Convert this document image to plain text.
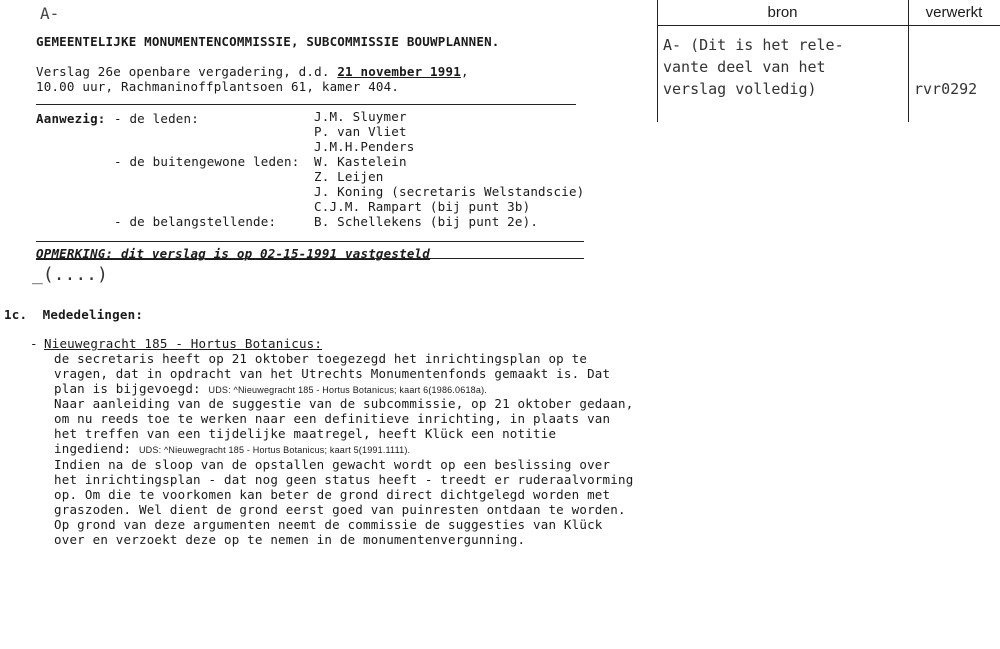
bron	verwerkt
A- (Dit is het rele-
vante deel van het
verslag volledig)	rvr0292
A-
GEMEENTELIJKE MONUMENTENCOMMISSIE, SUBCOMMISSIE BOUWPLANNEN.
Verslag 26e openbare vergadering, d.d. 21 november 1991,
10.00 uur, Rachmaninoffplantsoen 61, kamer 404.
Aanwezig: - de leden:	J.M. Sluymer
P. van Vliet
J.M.H.Penders
- de buitengewone leden: W. Kastelein
Z. Leijen
J. Koning (secretaris Welstandscie)
C.J.M. Rampart (bij punt 3b)
- de belangstellende:	B. Schellekens (bij punt 2e).
OPMERKING: dit verslag is op 02-15-1991 vastgesteld
_(....)
1c.  Mededelingen:
- Nieuwegracht 185 - Hortus Botanicus:
de secretaris heeft op 21 oktober toegezegd het inrichtingsplan op te
vragen, dat in opdracht van het Utrechts Monumentenfonds gemaakt is. Dat
plan is bijgevoegd: UDS: ^Nieuwegracht 185 - Hortus Botanicus; kaart 6(1986.0618a).
Naar aanleiding van de suggestie van de subcommissie, op 21 oktober gedaan,
om nu reeds toe te werken naar een definitieve inrichting, in plaats van
het treffen van een tijdelijke maatregel, heeft Klück een notitie
ingediend: UDS: ^Nieuwegracht 185 - Hortus Botanicus; kaart 5(1991.1111).
Indien na de sloop van de opstallen gewacht wordt op een beslissing over
het inrichtingsplan - dat nog geen status heeft - treedt er ruderaalvorming
op. Om die te voorkomen kan beter de grond direct dichtgelegd worden met
graszoden. Wel dient de grond eerst goed van puinresten ontdaan te worden.
Op grond van deze argumenten neemt de commissie de suggesties van Klück
over en verzoekt deze op te nemen in de monumentenvergunning.
